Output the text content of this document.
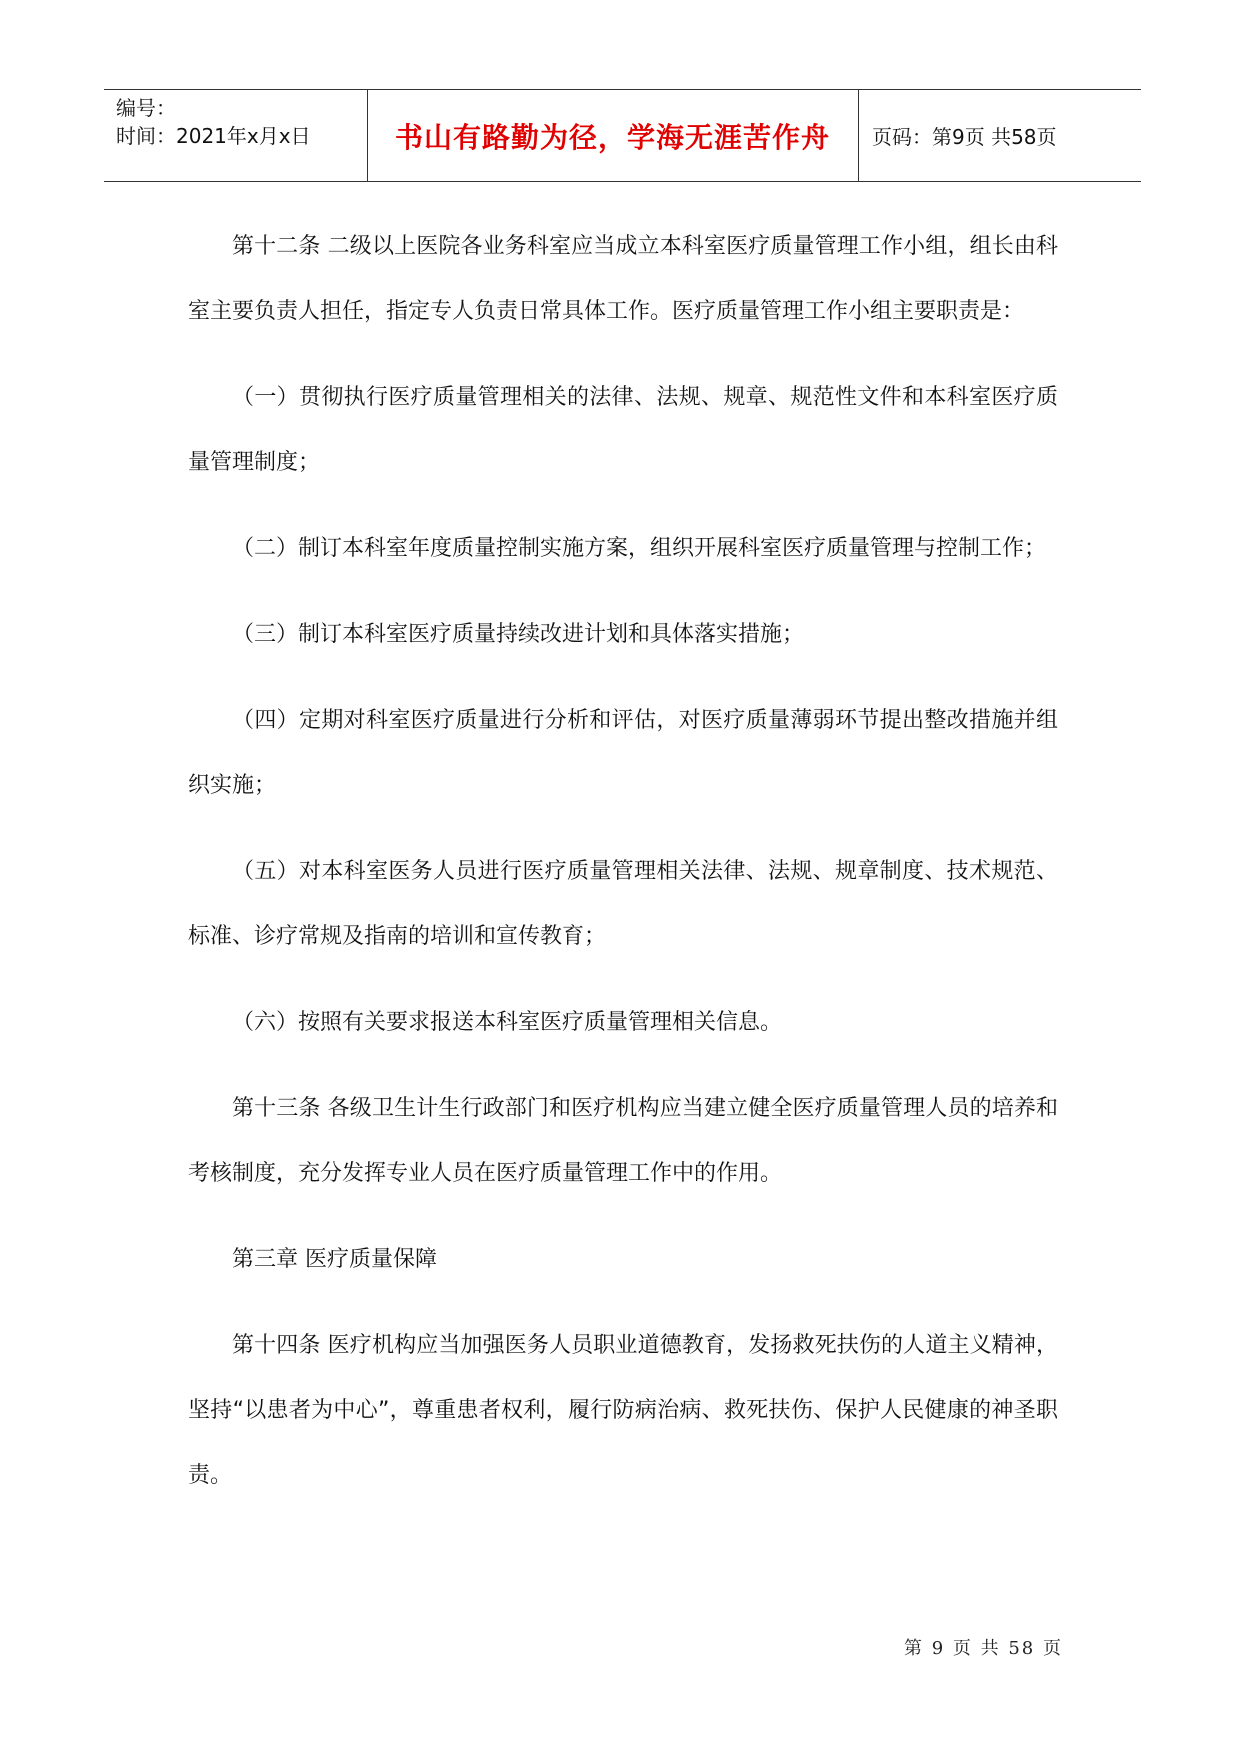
编号：
时间：2021年x月x日	书山有路勤为径，学海无涯苦作舟	页码：第9页 共58页

第十二条 二级以上医院各业务科室应当成立本科室医疗质量管理工作小组，组长由科室主要负责人担任，指定专人负责日常具体工作。医疗质量管理工作小组主要职责是：

（一）贯彻执行医疗质量管理相关的法律、法规、规章、规范性文件和本科室医疗质量管理制度；

（二）制订本科室年度质量控制实施方案，组织开展科室医疗质量管理与控制工作；

（三）制订本科室医疗质量持续改进计划和具体落实措施；

（四）定期对科室医疗质量进行分析和评估，对医疗质量薄弱环节提出整改措施并组织实施；

（五）对本科室医务人员进行医疗质量管理相关法律、法规、规章制度、技术规范、标准、诊疗常规及指南的培训和宣传教育；

（六）按照有关要求报送本科室医疗质量管理相关信息。

第十三条 各级卫生计生行政部门和医疗机构应当建立健全医疗质量管理人员的培养和考核制度，充分发挥专业人员在医疗质量管理工作中的作用。

第三章 医疗质量保障

第十四条 医疗机构应当加强医务人员职业道德教育，发扬救死扶伤的人道主义精神，坚持“以患者为中心”，尊重患者权利，履行防病治病、救死扶伤、保护人民健康的神圣职责。

第 9 页 共 58 页
